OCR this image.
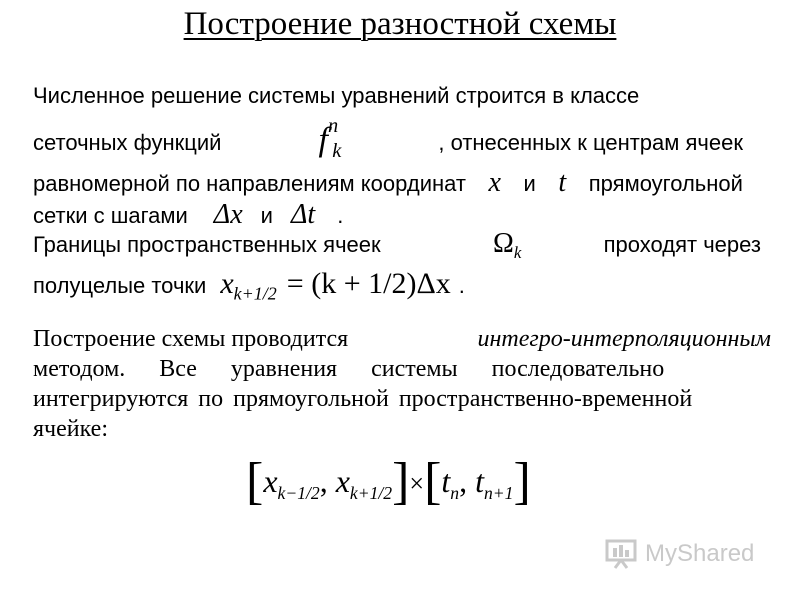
Построение разностной схемы
Численное решение системы уравнений строится в классе
сеточных функций	$f^n_k$	, отнесенных к центрам ячеек
равномерной по направлениям координат x и t прямоугольной
сетки с шагами Δx и Δt .
Границы пространственных ячеек	$\Omega_k$	проходят через
полуцелые точки $x_{k+1/2} = (k + 1/2)\Delta x$ .
Построение схемы проводится	интегро-интерполяционным
методом. Все уравнения системы последовательно
интегрируются по прямоугольной пространственно-временной
ячейке:
[$x_{k-1/2}$, $x_{k+1/2}]\times[t_n$, $t_{n+1}$]
MyShared
